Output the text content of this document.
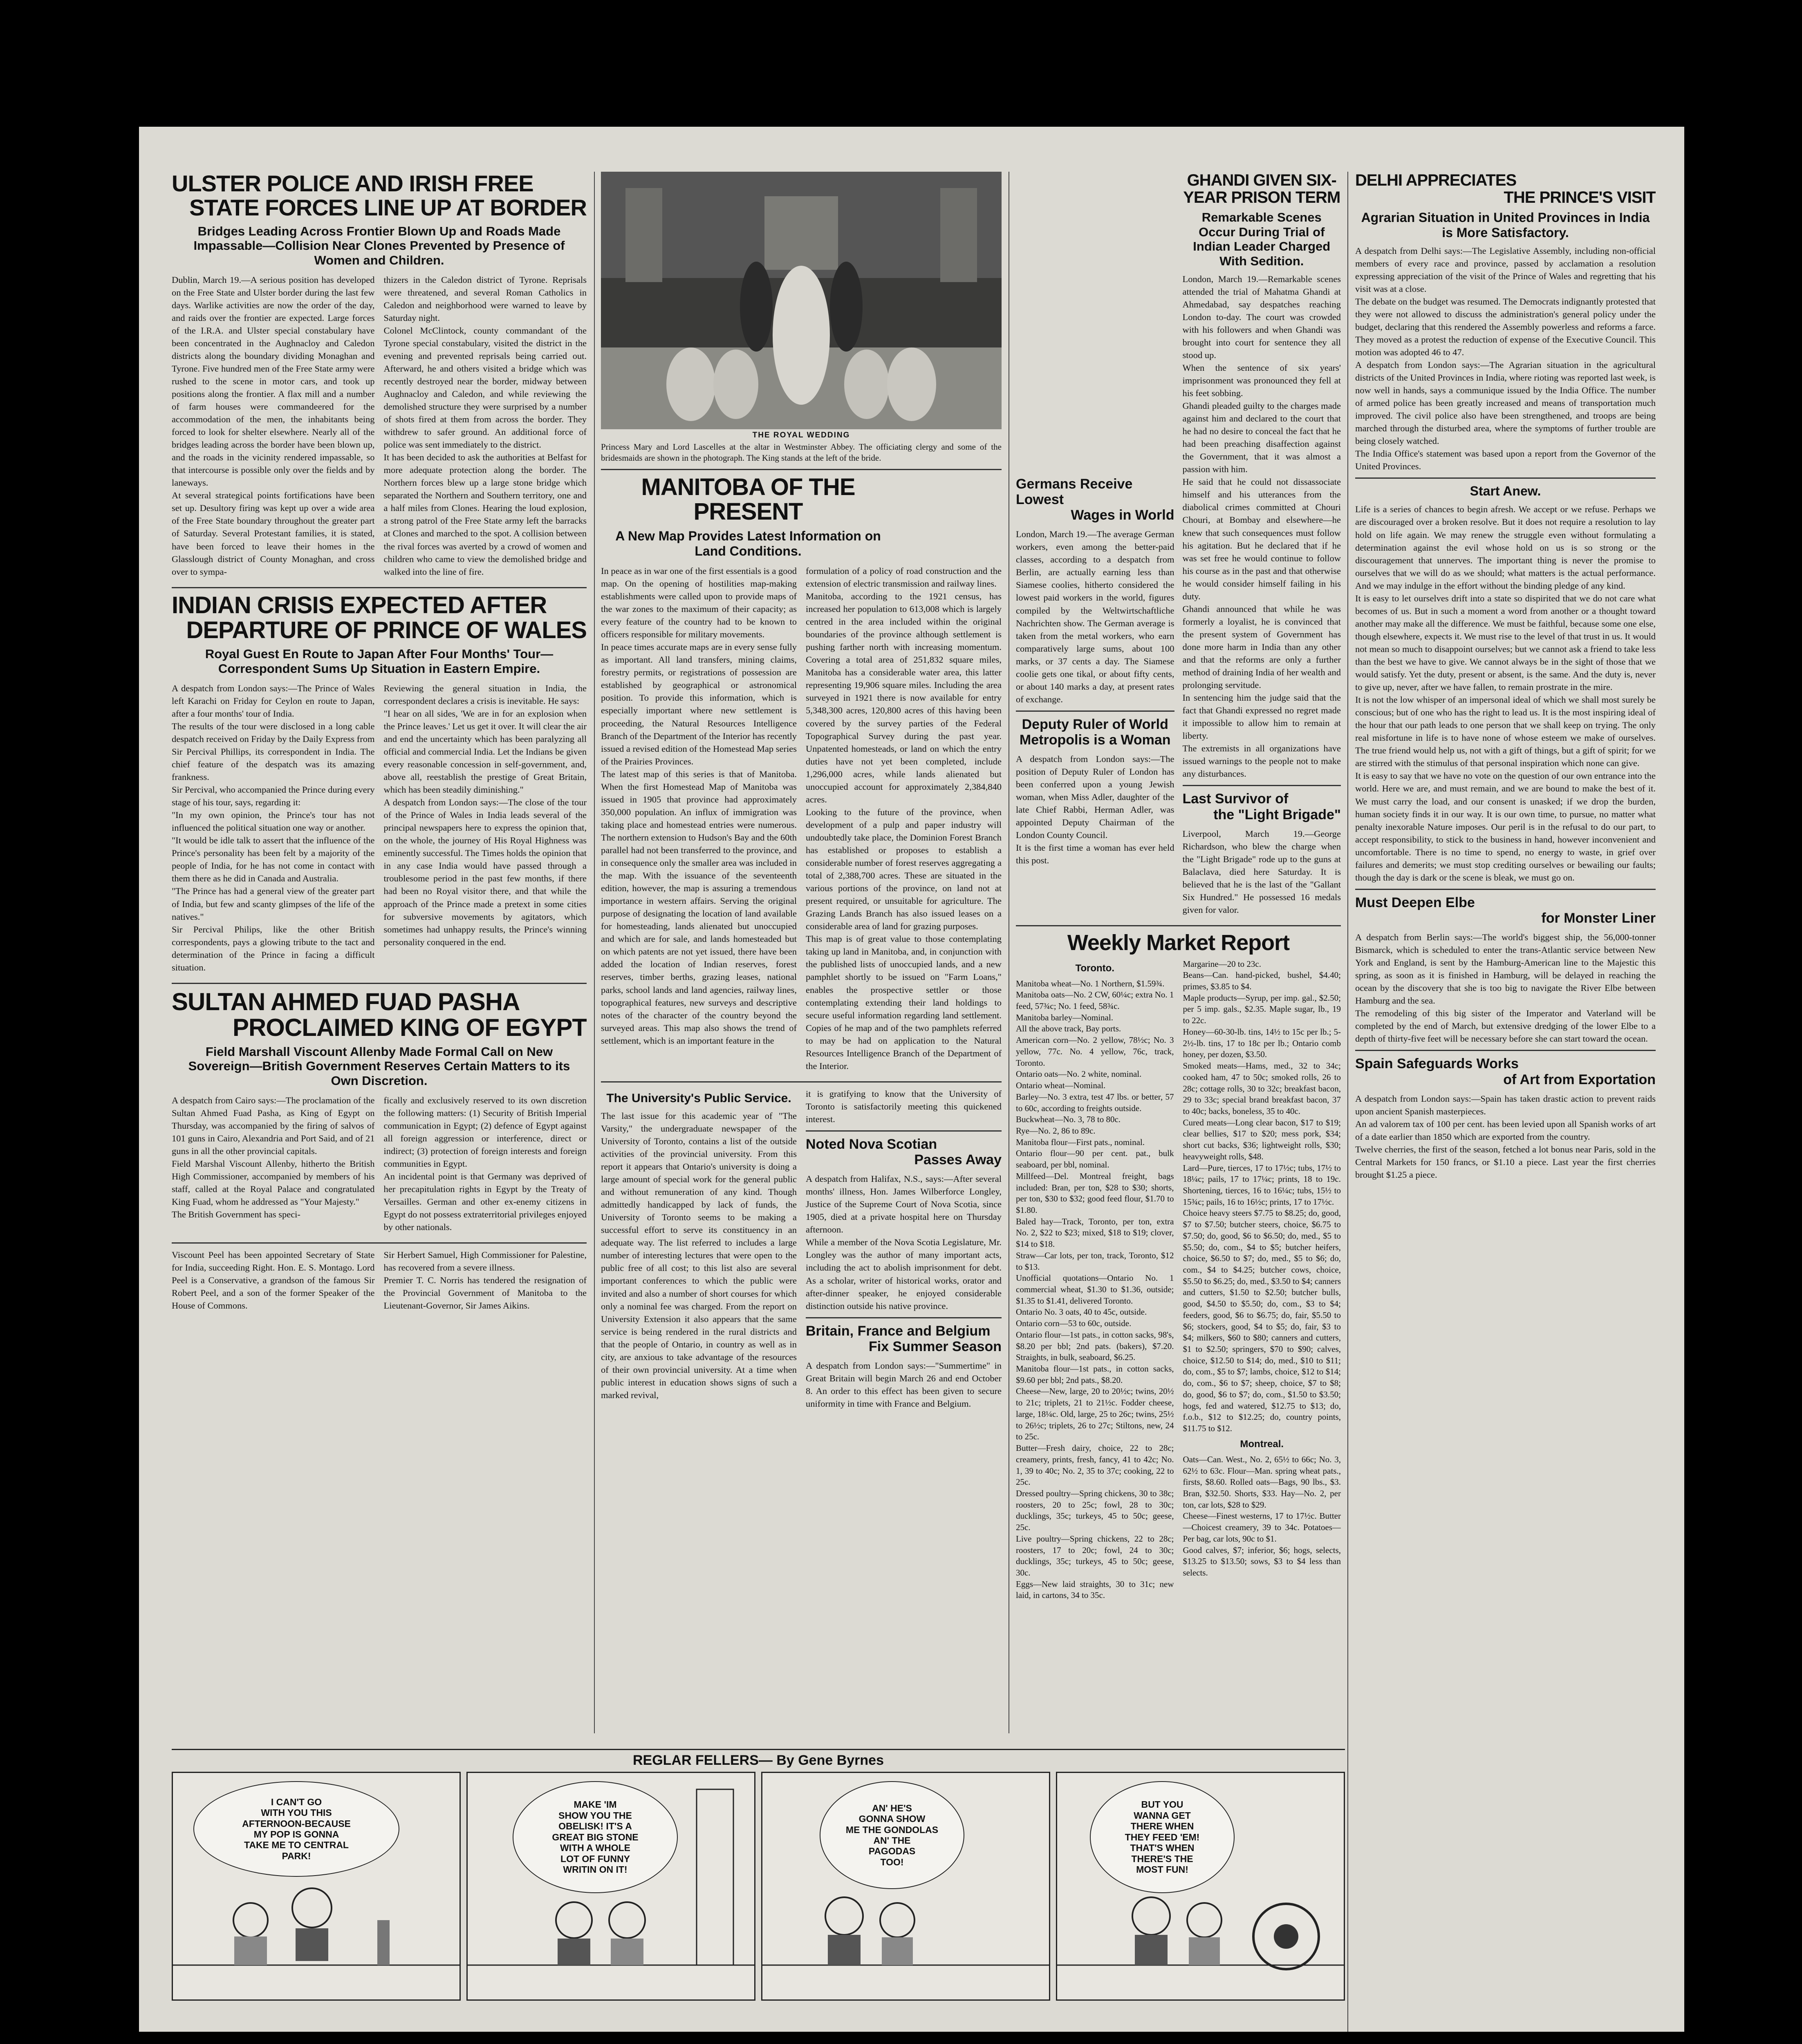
ULSTER POLICE AND IRISH FREE
STATE FORCES LINE UP AT BORDER
Bridges Leading Across Frontier Blown Up and Roads Made Impassable—Collision Near Clones Prevented by Presence of Women and Children.
Dublin, March 19.—A serious position has developed on the Free State and Ulster border during the last few days. Warlike activities are now the order of the day, and raids over the frontier are expected. Large forces of the I.R.A. and Ulster special constabulary have been concentrated in the Aughnacloy and Caledon districts along the boundary dividing Monaghan and Tyrone. Five hundred men of the Free State army were rushed to the scene in motor cars, and took up positions along the frontier. A flax mill and a number of farm houses were commandeered for the accommodation of the men, the inhabitants being forced to look for shelter elsewhere. Nearly all of the bridges leading across the border have been blown up, and the roads in the vicinity rendered impassable, so that intercourse is possible only over the fields and by laneways.
At several strategical points fortifications have been set up. Desultory firing was kept up over a wide area of the Free State boundary throughout the greater part of Saturday. Several Protestant families, it is stated, have been forced to leave their homes in the Glasslough district of County Monaghan, and cross over to sympa-
thizers in the Caledon district of Tyrone. Reprisals were threatened, and several Roman Catholics in Caledon and neighborhood were warned to leave by Saturday night.
Colonel McClintock, county commandant of the Tyrone special constabulary, visited the district in the evening and prevented reprisals being carried out. Afterward, he and others visited a bridge which was recently destroyed near the border, midway between Aughnacloy and Caledon, and while reviewing the demolished structure they were surprised by a number of shots fired at them from across the border. They withdrew to safer ground. An additional force of police was sent immediately to the district.
It has been decided to ask the authorities at Belfast for more adequate protection along the border. The Northern forces blew up a large stone bridge which separated the Northern and Southern territory, one and a half miles from Clones. Hearing the loud explosion, a strong patrol of the Free State army left the barracks at Clones and marched to the spot. A collision between the rival forces was averted by a crowd of women and children who came to view the demolished bridge and walked into the line of fire.
INDIAN CRISIS EXPECTED AFTER
DEPARTURE OF PRINCE OF WALES
Royal Guest En Route to Japan After Four Months' Tour—Correspondent Sums Up Situation in Eastern Empire.
A despatch from London says:—The Prince of Wales left Karachi on Friday for Ceylon en route to Japan, after a four months' tour of India.
The results of the tour were disclosed in a long cable despatch received on Friday by the Daily Express from Sir Percival Phillips, its correspondent in India. The chief feature of the despatch was its amazing frankness.
Sir Percival, who accompanied the Prince during every stage of his tour, says, regarding it:
"In my own opinion, the Prince's tour has not influenced the political situation one way or another.
"It would be idle talk to assert that the influence of the Prince's personality has been felt by a majority of the people of India, for he has not come in contact with them there as he did in Canada and Australia.
"The Prince has had a general view of the greater part of India, but few and scanty glimpses of the life of the natives."
Sir Percival Philips, like the other British correspondents, pays a glowing tribute to the tact and determination of the Prince in facing a difficult situation.
Reviewing the general situation in India, the correspondent declares a crisis is inevitable. He says:
"I hear on all sides, 'We are in for an explosion when the Prince leaves.' Let us get it over. It will clear the air and end the uncertainty which has been paralyzing all official and commercial India. Let the Indians be given every reasonable concession in self-government, and, above all, reestablish the prestige of Great Britain, which has been steadily diminishing."
A despatch from London says:—The close of the tour of the Prince of Wales in India leads several of the principal newspapers here to express the opinion that, on the whole, the journey of His Royal Highness was eminently successful. The Times holds the opinion that in any case India would have passed through a troublesome period in the past few months, if there had been no Royal visitor there, and that while the approach of the Prince made a pretext in some cities for subversive movements by agitators, which sometimes had unhappy results, the Prince's winning personality conquered in the end.
SULTAN AHMED FUAD PASHA
PROCLAIMED KING OF EGYPT
Field Marshall Viscount Allenby Made Formal Call on New Sovereign—British Government Reserves Certain Matters to its Own Discretion.
A despatch from Cairo says:—The proclamation of the Sultan Ahmed Fuad Pasha, as King of Egypt on Thursday, was accompanied by the firing of salvos of 101 guns in Cairo, Alexandria and Port Said, and of 21 guns in all the other provincial capitals.
Field Marshal Viscount Allenby, hitherto the British High Commissioner, accompanied by members of his staff, called at the Royal Palace and congratulated King Fuad, whom he addressed as "Your Majesty."
The British Government has speci-
fically and exclusively reserved to its own discretion the following matters: (1) Security of British Imperial communication in Egypt; (2) defence of Egypt against all foreign aggression or interference, direct or indirect; (3) protection of foreign interests and foreign communities in Egypt.
An incidental point is that Germany was deprived of her precapitulation rights in Egypt by the Treaty of Versailles. German and other ex-enemy citizens in Egypt do not possess extraterritorial privileges enjoyed by other nationals.
Viscount Peel has been appointed Secretary of State for India, succeeding Right. Hon. E. S. Montago. Lord Peel is a Conservative, a grandson of the famous Sir Robert Peel, and a son of the former Speaker of the House of Commons.
Sir Herbert Samuel, High Commissioner for Palestine, has recovered from a severe illness.
Premier T. C. Norris has tendered the resignation of the Provincial Government of Manitoba to the Lieutenant-Governor, Sir James Aikins.
THE ROYAL WEDDING
Princess Mary and Lord Lascelles at the altar in Westminster Abbey. The officiating clergy and some of the bridesmaids are shown in the photograph. The King stands at the left of the bride.
MANITOBA OF THE PRESENT
A New Map Provides Latest Information on Land Conditions.
In peace as in war one of the first essentials is a good map. On the opening of hostilities map-making establishments were called upon to provide maps of the war zones to the maximum of their capacity; as every feature of the country had to be known to officers responsible for military movements.
In peace times accurate maps are in every sense fully as important. All land transfers, mining claims, forestry permits, or registrations of possession are established by geographical or astronomical position. To provide this information, which is especially important where new settlement is proceeding, the Natural Resources Intelligence Branch of the Department of the Interior has recently issued a revised edition of the Homestead Map series of the Prairies Provinces.
The latest map of this series is that of Manitoba. When the first Homestead Map of Manitoba was issued in 1905 that province had approximately 350,000 population. An influx of immigration was taking place and homestead entries were numerous. The northern extension to Hudson's Bay and the 60th parallel had not been transferred to the province, and in consequence only the smaller area was included in the map. With the issuance of the seventeenth edition, however, the map is assuring a tremendous importance in western affairs. Serving the original purpose of designating the location of land available for homesteading, lands alienated but unoccupied and which are for sale, and lands homesteaded but on which patents are not yet issued, there have been added the location of Indian reserves, forest reserves, timber berths, grazing leases, national parks, school lands and land agencies, railway lines, topographical features, new surveys and descriptive notes of the character of the country beyond the surveyed areas. This map also shows the trend of settlement, which is an important feature in the
formulation of a policy of road construction and the extension of electric transmission and railway lines.
Manitoba, according to the 1921 census, has increased her population to 613,008 which is largely centred in the area included within the original boundaries of the province although settlement is pushing farther north with increasing momentum. Covering a total area of 251,832 square miles, Manitoba has a considerable water area, this latter representing 19,906 square miles. Including the area surveyed in 1921 there is now available for entry 5,348,300 acres, 120,800 acres of this having been covered by the survey parties of the Federal Topographical Survey during the past year. Unpatented homesteads, or land on which the entry duties have not yet been completed, include 1,296,000 acres, while lands alienated but unoccupied account for approximately 2,384,840 acres.
Looking to the future of the province, when development of a pulp and paper industry will undoubtedly take place, the Dominion Forest Branch has established or proposes to establish a considerable number of forest reserves aggregating a total of 2,388,700 acres. These are situated in the various portions of the province, on land not at present required, or unsuitable for agriculture. The Grazing Lands Branch has also issued leases on a considerable area of land for grazing purposes.
This map is of great value to those contemplating taking up land in Manitoba, and, in conjunction with the published lists of unoccupied lands, and a new pamphlet shortly to be issued on "Farm Loans," enables the prospective settler or those contemplating extending their land holdings to secure useful information regarding land settlement. Copies of he map and of the two pamphlets referred to may be had on application to the Natural Resources Intelligence Branch of the Department of the Interior.
The University's Public Service.
The last issue for this academic year of "The Varsity," the undergraduate newspaper of the University of Toronto, contains a list of the outside activities of the provincial university. From this report it appears that Ontario's university is doing a large amount of special work for the general public and without remuneration of any kind. Though admittedly handicapped by lack of funds, the University of Toronto seems to be making a successful effort to serve its constituency in an adequate way. The list referred to includes a large number of interesting lectures that were open to the public free of all cost; to this list also are several important conferences to which the public were invited and also a number of short courses for which only a nominal fee was charged. From the report on University Extension it also appears that the same service is being rendered in the rural districts and that the people of Ontario, in country as well as in city, are anxious to take advantage of the resources of their own provincial university. At a time when public interest in education shows signs of such a marked revival,
it is gratifying to know that the University of Toronto is satisfactorily meeting this quickened interest.
Noted Nova Scotian
Passes Away
A despatch from Halifax, N.S., says:—After several months' illness, Hon. James Wilberforce Longley, Justice of the Supreme Court of Nova Scotia, since 1905, died at a private hospital here on Thursday afternoon.
While a member of the Nova Scotia Legislature, Mr. Longley was the author of many important acts, including the act to abolish imprisonment for debt. As a scholar, writer of historical works, orator and after-dinner speaker, he enjoyed considerable distinction outside his native province.
Britain, France and Belgium
Fix Summer Season
A despatch from London says:—"Summertime" in Great Britain will begin March 26 and end October 8. An order to this effect has been given to secure uniformity in time with France and Belgium.
Germans Receive Lowest
Wages in World
London, March 19.—The average German workers, even among the better-paid classes, according to a despatch from Berlin, are actually earning less than Siamese coolies, hitherto considered the lowest paid workers in the world, figures compiled by the Weltwirtschaftliche Nachrichten show. The German average is taken from the metal workers, who earn comparatively large sums, about 100 marks, or 37 cents a day. The Siamese coolie gets one tikal, or about fifty cents, or about 140 marks a day, at present rates of exchange.
Deputy Ruler of World
Metropolis is a Woman
A despatch from London says:—The position of Deputy Ruler of London has been conferred upon a young Jewish woman, when Miss Adler, daughter of the late Chief Rabbi, Herman Adler, was appointed Deputy Chairman of the London County Council.
It is the first time a woman has ever held this post.
GHANDI GIVEN SIX-
YEAR PRISON TERM
Remarkable Scenes Occur During Trial of Indian Leader Charged With Sedition.
London, March 19.—Remarkable scenes attended the trial of Mahatma Ghandi at Ahmedabad, say despatches reaching London to-day. The court was crowded with his followers and when Ghandi was brought into court for sentence they all stood up.
When the sentence of six years' imprisonment was pronounced they fell at his feet sobbing.
Ghandi pleaded guilty to the charges made against him and declared to the court that he had no desire to conceal the fact that he had been preaching disaffection against the Government, that it was almost a passion with him.
He said that he could not dissassociate himself and his utterances from the diabolical crimes committed at Chouri Chouri, at Bombay and elsewhere—he knew that such consequences must follow his agitation. But he declared that if he was set free he would continue to follow his course as in the past and that otherwise he would consider himself failing in his duty.
Ghandi announced that while he was formerly a loyalist, he is convinced that the present system of Government has done more harm in India than any other and that the reforms are only a further method of draining India of her wealth and prolonging servitude.
In sentencing him the judge said that the fact that Ghandi expressed no regret made it impossible to allow him to remain at liberty.
The extremists in all organizations have issued warnings to the people not to make any disturbances.
Last Survivor of
the "Light Brigade"
Liverpool, March 19.—George Richardson, who blew the charge when the "Light Brigade" rode up to the guns at Balaclava, died here Saturday. It is believed that he is the last of the "Gallant Six Hundred." He possessed 16 medals given for valor.
Weekly Market Report
Toronto.
Manitoba wheat—No. 1 Northern, $1.59¾.
Manitoba oats—No. 2 CW, 60¼c; extra No. 1 feed, 57¾c; No. 1 feed, 58¾c.
Manitoba barley—Nominal.
All the above track, Bay ports.
American corn—No. 2 yellow, 78½c; No. 3 yellow, 77c. No. 4 yellow, 76c, track, Toronto.
Ontario oats—No. 2 white, nominal.
Ontario wheat—Nominal.
Barley—No. 3 extra, test 47 lbs. or better, 57 to 60c, according to freights outside.
Buckwheat—No. 3, 78 to 80c.
Rye—No. 2, 86 to 89c.
Manitoba flour—First pats., nominal.
Ontario flour—90 per cent. pat., bulk seaboard, per bbl, nominal.
Millfeed—Del. Montreal freight, bags included: Bran, per ton, $28 to $30; shorts, per ton, $30 to $32; good feed flour, $1.70 to $1.80.
Baled hay—Track, Toronto, per ton, extra No. 2, $22 to $23; mixed, $18 to $19; clover, $14 to $18.
Straw—Car lots, per ton, track, Toronto, $12 to $13.
Unofficial quotations—Ontario No. 1 commercial wheat, $1.30 to $1.36, outside; $1.35 to $1.41, delivered Toronto.
Ontario No. 3 oats, 40 to 45c, outside.
Ontario corn—53 to 60c, outside.
Ontario flour—1st pats., in cotton sacks, 98's, $8.20 per bbl; 2nd pats. (bakers), $7.20. Straights, in bulk, seaboard, $6.25.
Manitoba flour—1st pats., in cotton sacks, $9.60 per bbl; 2nd pats., $8.20.
Cheese—New, large, 20 to 20½c; twins, 20½ to 21c; triplets, 21 to 21½c. Fodder cheese, large, 18¼c. Old, large, 25 to 26c; twins, 25½ to 26½c; triplets, 26 to 27c; Stiltons, new, 24 to 25c.
Butter—Fresh dairy, choice, 22 to 28c; creamery, prints, fresh, fancy, 41 to 42c; No. 1, 39 to 40c; No. 2, 35 to 37c; cooking, 22 to 25c.
Dressed poultry—Spring chickens, 30 to 38c; roosters, 20 to 25c; fowl, 28 to 30c; ducklings, 35c; turkeys, 45 to 50c; geese, 25c.
Live poultry—Spring chickens, 22 to 28c; roosters, 17 to 20c; fowl, 24 to 30c; ducklings, 35c; turkeys, 45 to 50c; geese, 30c.
Eggs—New laid straights, 30 to 31c; new laid, in cartons, 34 to 35c.
Margarine—20 to 23c.
Beans—Can. hand-picked, bushel, $4.40; primes, $3.85 to $4.
Maple products—Syrup, per imp. gal., $2.50; per 5 imp. gals., $2.35. Maple sugar, lb., 19 to 22c.
Honey—60-30-lb. tins, 14½ to 15c per lb.; 5-2½-lb. tins, 17 to 18c per lb.; Ontario comb honey, per dozen, $3.50.
Smoked meats—Hams, med., 32 to 34c; cooked ham, 47 to 50c; smoked rolls, 26 to 28c; cottage rolls, 30 to 32c; breakfast bacon, 29 to 33c; special brand breakfast bacon, 37 to 40c; backs, boneless, 35 to 40c.
Cured meats—Long clear bacon, $17 to $19; clear bellies, $17 to $20; mess pork, $34; short cut backs, $36; lightweight rolls, $30; heavyweight rolls, $48.
Lard—Pure, tierces, 17 to 17½c; tubs, 17½ to 18¼c; pails, 17 to 17¼c; prints, 18 to 19c. Shortening, tierces, 16 to 16¼c; tubs, 15½ to 15¾c; pails, 16 to 16½c; prints, 17 to 17½c.
Choice heavy steers $7.75 to $8.25; do, good, $7 to $7.50; butcher steers, choice, $6.75 to $7.50; do, good, $6 to $6.50; do, med., $5 to $5.50; do, com., $4 to $5; butcher heifers, choice, $6.50 to $7; do, med., $5 to $6; do, com., $4 to $4.25; butcher cows, choice, $5.50 to $6.25; do, med., $3.50 to $4; canners and cutters, $1.50 to $2.50; butcher bulls, good, $4.50 to $5.50; do, com., $3 to $4; feeders, good, $6 to $6.75; do, fair, $5.50 to $6; stockers, good, $4 to $5; do, fair, $3 to $4; milkers, $60 to $80; canners and cutters, $1 to $2.50; springers, $70 to $90; calves, choice, $12.50 to $14; do, med., $10 to $11; do, com., $5 to $7; lambs, choice, $12 to $14; do, com., $6 to $7; sheep, choice, $7 to $8; do, good, $6 to $7; do, com., $1.50 to $3.50; hogs, fed and watered, $12.75 to $13; do, f.o.b., $12 to $12.25; do, country points, $11.75 to $12.
Montreal.
Oats—Can. West., No. 2, 65½ to 66c; No. 3, 62½ to 63c. Flour—Man. spring wheat pats., firsts, $8.60. Rolled oats—Bags, 90 lbs., $3. Bran, $32.50. Shorts, $33. Hay—No. 2, per ton, car lots, $28 to $29.
Cheese—Finest westerns, 17 to 17½c. Butter—Choicest creamery, 39 to 34c. Potatoes—Per bag, car lots, 90c to $1.
Good calves, $7; inferior, $6; hogs, selects, $13.25 to $13.50; sows, $3 to $4 less than selects.
DELHI APPRECIATES
THE PRINCE'S VISIT
Agrarian Situation in United Provinces in India is More Satisfactory.
A despatch from Delhi says:—The Legislative Assembly, including non-official members of every race and province, passed by acclamation a resolution expressing appreciation of the visit of the Prince of Wales and regretting that his visit was at a close.
The debate on the budget was resumed. The Democrats indignantly protested that they were not allowed to discuss the administration's general policy under the budget, declaring that this rendered the Assembly powerless and reforms a farce. They moved as a protest the reduction of expense of the Executive Council. This motion was adopted 46 to 47.
A despatch from London says:—The Agrarian situation in the agricultural districts of the United Provinces in India, where rioting was reported last week, is now well in hands, says a communique issued by the India Office. The number of armed police has been greatly increased and means of transportation much improved. The civil police also have been strengthened, and troops are being marched through the disturbed area, where the symptoms of further trouble are being closely watched.
The India Office's statement was based upon a report from the Governor of the United Provinces.
Start Anew.
Life is a series of chances to begin afresh. We accept or we refuse. Perhaps we are discouraged over a broken resolve. But it does not require a resolution to lay hold on life again. We may renew the struggle even without formulating a determination against the evil whose hold on us is so strong or the discouragement that unnerves. The important thing is never the promise to ourselves that we will do as we should; what matters is the actual performance. And we may indulge in the effort without the binding pledge of any kind.
It is easy to let ourselves drift into a state so dispirited that we do not care what becomes of us. But in such a moment a word from another or a thought toward another may make all the difference. We must be faithful, because some one else, though elsewhere, expects it. We must rise to the level of that trust in us. It would not mean so much to disappoint ourselves; but we cannot ask a friend to take less than the best we have to give. We cannot always be in the sight of those that we would satisfy. Yet the duty, present or absent, is the same. And the duty is, never to give up, never, after we have fallen, to remain prostrate in the mire.
It is not the low whisper of an impersonal ideal of which we shall most surely be conscious; but of one who has the right to lead us. It is the most inspiring ideal of the hour that our path leads to one person that we shall keep on trying. The only real misfortune in life is to have none of whose esteem we make of ourselves. The true friend would help us, not with a gift of things, but a gift of spirit; for we are stirred with the stimulus of that personal inspiration which none can give.
It is easy to say that we have no vote on the question of our own entrance into the world. Here we are, and must remain, and we are bound to make the best of it. We must carry the load, and our consent is unasked; if we drop the burden, human society finds it in our way. It is our own time, to pursue, no matter what penalty inexorable Nature imposes. Our peril is in the refusal to do our part, to accept responsibility, to stick to the business in hand, however inconvenient and uncomfortable. There is no time to spend, no energy to waste, in grief over failures and demerits; we must stop crediting ourselves or bewailing our faults; though the day is dark or the scene is bleak, we must go on.
Must Deepen Elbe
for Monster Liner
A despatch from Berlin says:—The world's biggest ship, the 56,000-tonner Bismarck, which is scheduled to enter the trans-Atlantic service between New York and England, is sent by the Hamburg-American line to the Majestic this spring, as soon as it is finished in Hamburg, will be delayed in reaching the ocean by the discovery that she is too big to navigate the River Elbe between Hamburg and the sea.
The remodeling of this big sister of the Imperator and Vaterland will be completed by the end of March, but extensive dredging of the lower Elbe to a depth of thirty-five feet will be necessary before she can start toward the ocean.
Spain Safeguards Works
of Art from Exportation
A despatch from London says:—Spain has taken drastic action to prevent raids upon ancient Spanish masterpieces.
An ad valorem tax of 100 per cent. has been levied upon all Spanish works of art of a date earlier than 1850 which are exported from the country.
Twelve cherries, the first of the season, fetched a lot bonus near Paris, sold in the Central Markets for 150 francs, or $1.10 a piece. Last year the first cherries brought $1.25 a piece.
REGLAR FELLERS— By Gene Byrnes
I CAN'T GO
WITH YOU THIS
AFTERNOON-BECAUSE
MY POP IS GONNA
TAKE ME TO CENTRAL
PARK!
MAKE 'IM
SHOW YOU THE
OBELISK! IT'S A
GREAT BIG STONE
WITH A WHOLE
LOT OF FUNNY
WRITIN ON IT!
AN' HE'S
GONNA SHOW
ME THE GONDOLAS
AN' THE
PAGODAS
TOO!
BUT YOU
WANNA GET
THERE WHEN
THEY FEED 'EM!
THAT'S WHEN
THERE'S THE
MOST FUN!
